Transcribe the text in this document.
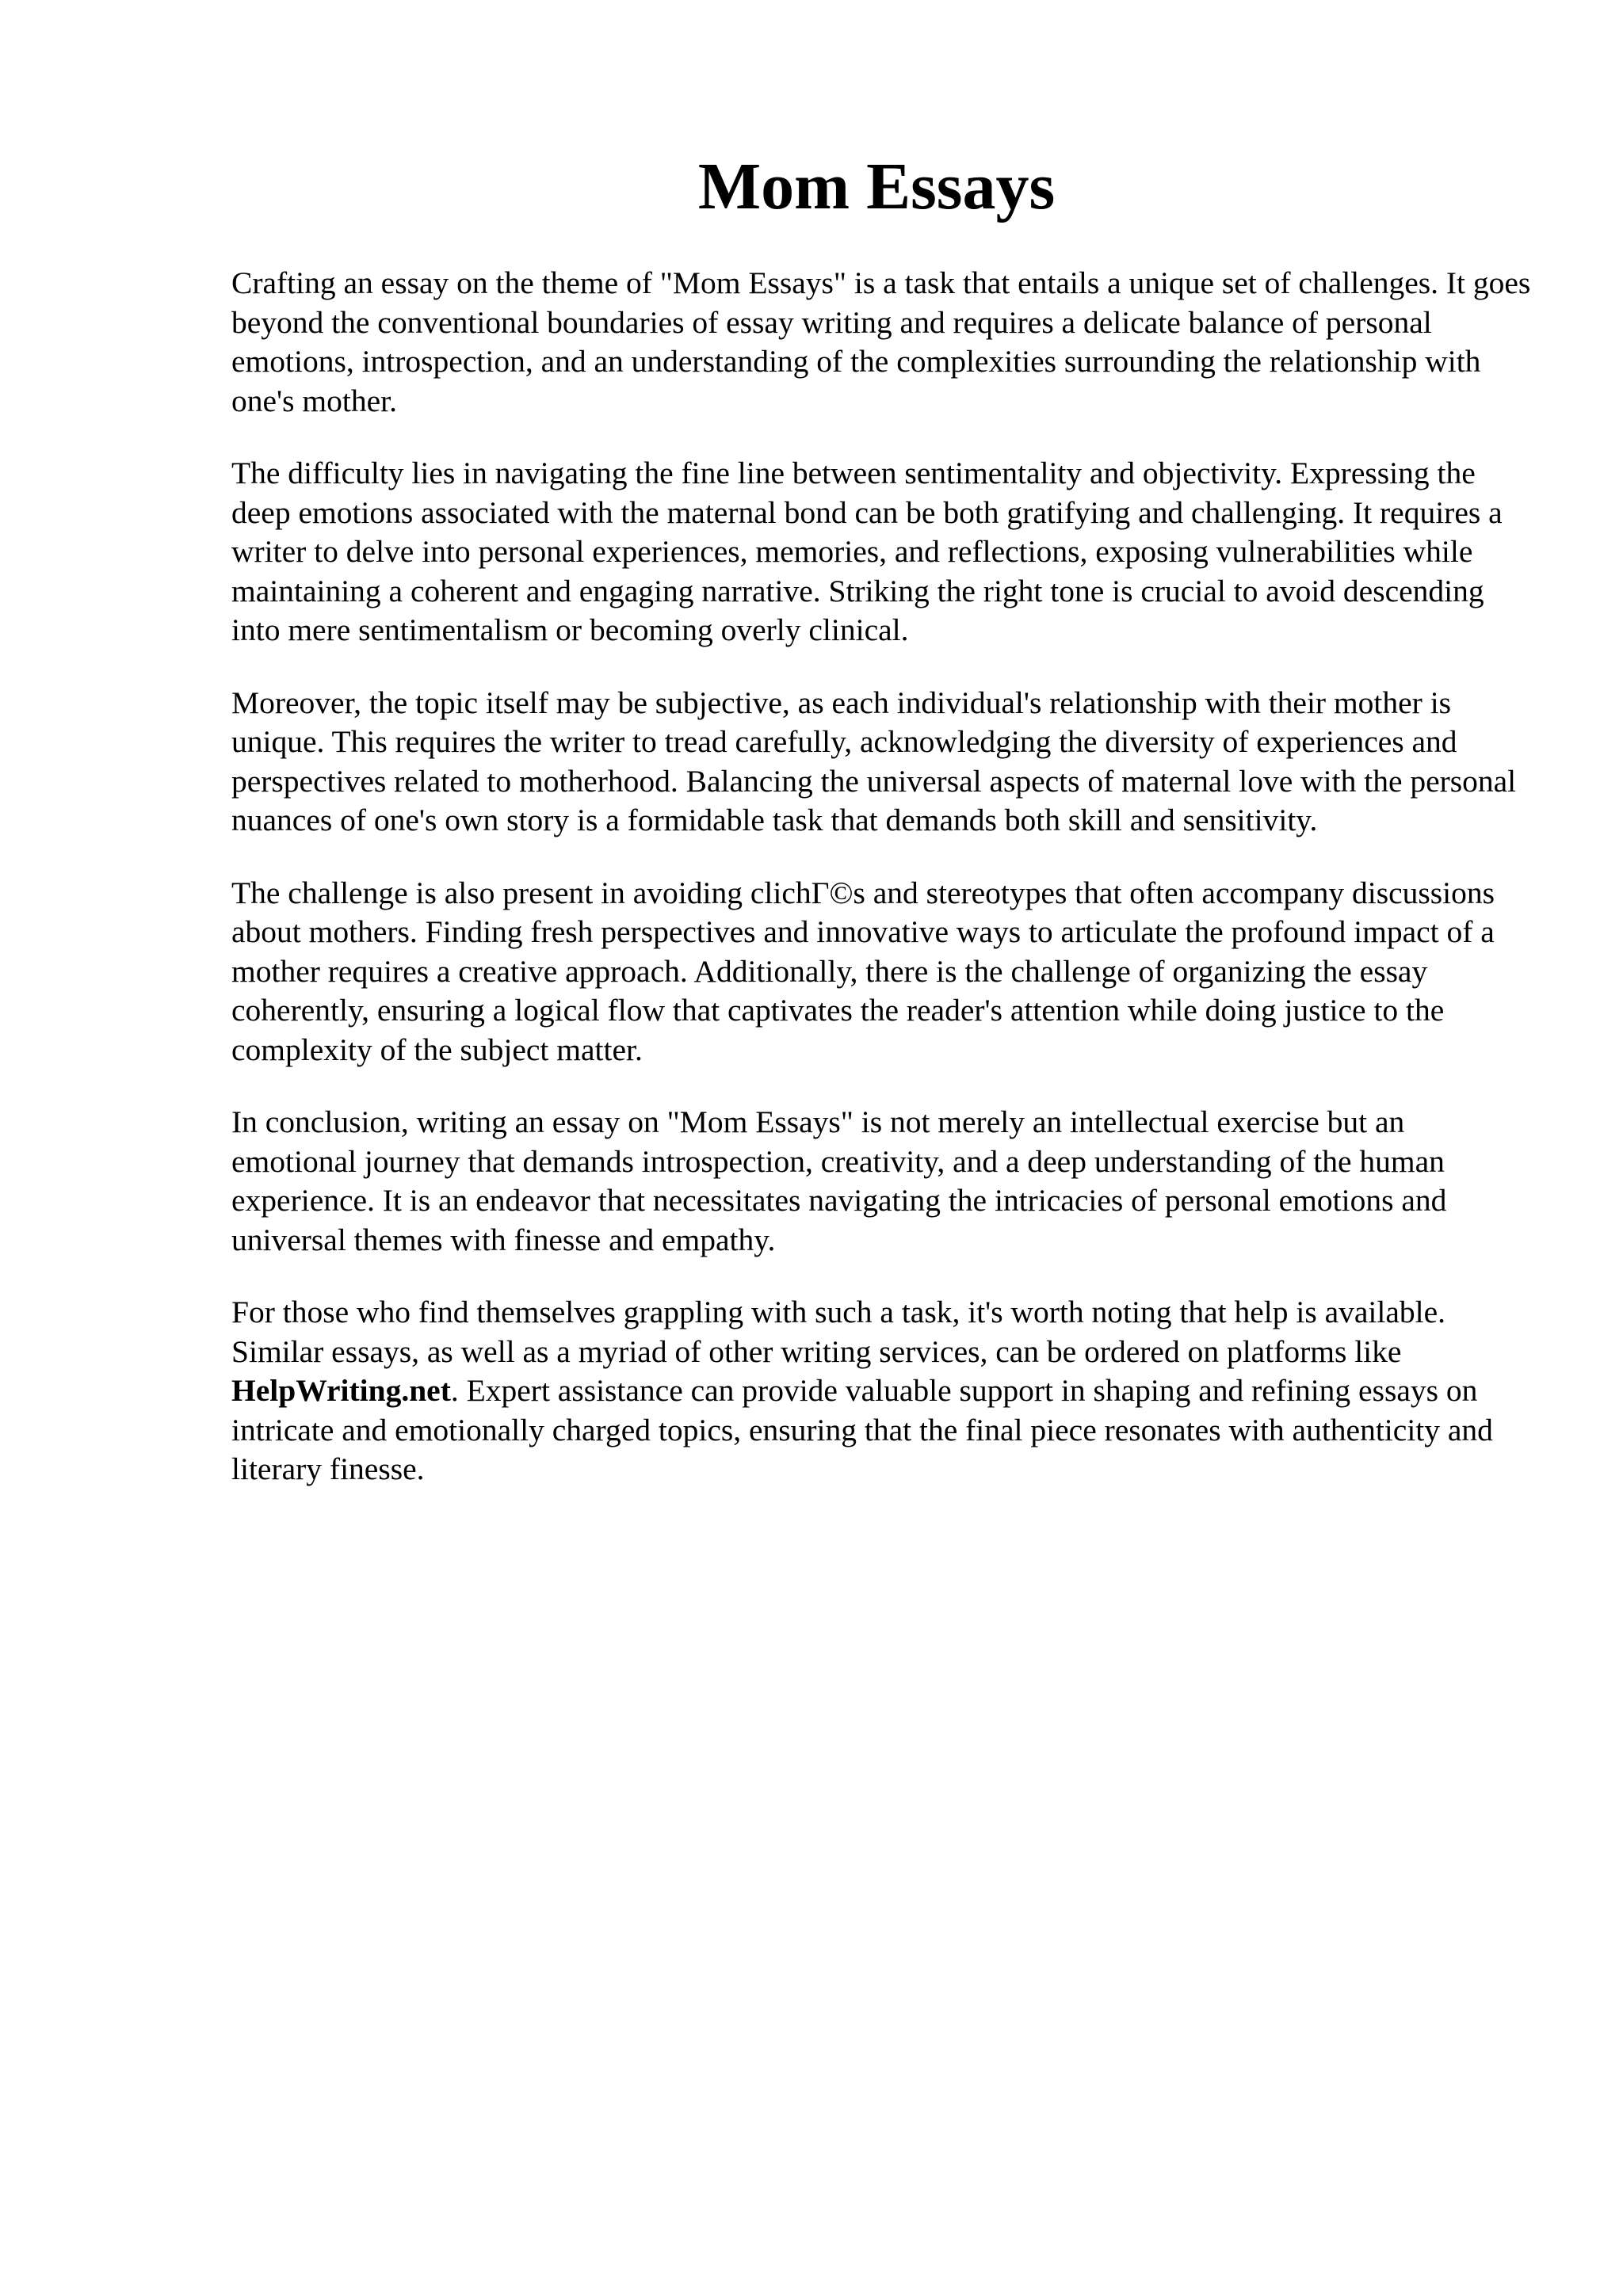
Mom Essays

Crafting an essay on the theme of "Mom Essays" is a task that entails a unique set of challenges. It goes beyond the conventional boundaries of essay writing and requires a delicate balance of personal emotions, introspection, and an understanding of the complexities surrounding the relationship with one's mother.

The difficulty lies in navigating the fine line between sentimentality and objectivity. Expressing the deep emotions associated with the maternal bond can be both gratifying and challenging. It requires a writer to delve into personal experiences, memories, and reflections, exposing vulnerabilities while maintaining a coherent and engaging narrative. Striking the right tone is crucial to avoid descending into mere sentimentalism or becoming overly clinical.

Moreover, the topic itself may be subjective, as each individual's relationship with their mother is unique. This requires the writer to tread carefully, acknowledging the diversity of experiences and perspectives related to motherhood. Balancing the universal aspects of maternal love with the personal nuances of one's own story is a formidable task that demands both skill and sensitivity.

The challenge is also present in avoiding clichΓ©s and stereotypes that often accompany discussions about mothers. Finding fresh perspectives and innovative ways to articulate the profound impact of a mother requires a creative approach. Additionally, there is the challenge of organizing the essay coherently, ensuring a logical flow that captivates the reader's attention while doing justice to the complexity of the subject matter.

In conclusion, writing an essay on "Mom Essays" is not merely an intellectual exercise but an emotional journey that demands introspection, creativity, and a deep understanding of the human experience. It is an endeavor that necessitates navigating the intricacies of personal emotions and universal themes with finesse and empathy.

For those who find themselves grappling with such a task, it's worth noting that help is available. Similar essays, as well as a myriad of other writing services, can be ordered on platforms like HelpWriting.net. Expert assistance can provide valuable support in shaping and refining essays on intricate and emotionally charged topics, ensuring that the final piece resonates with authenticity and literary finesse.
